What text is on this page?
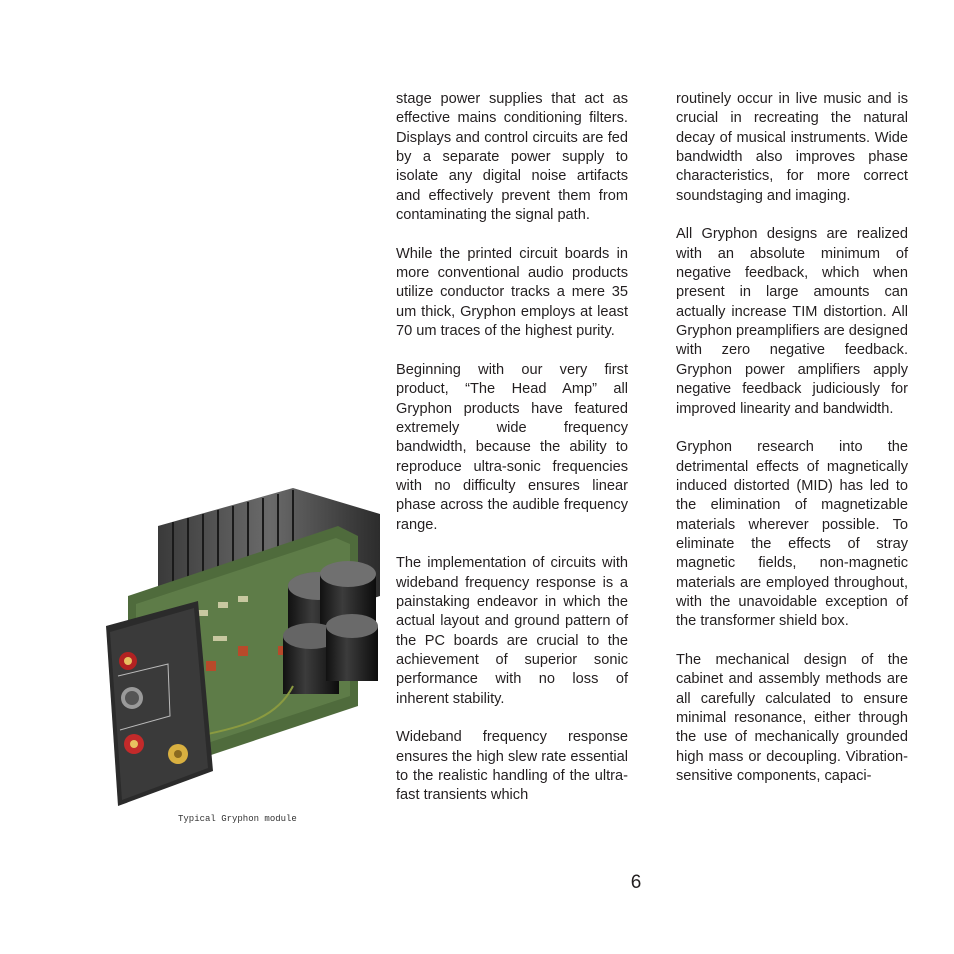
Typical Gryphon module

stage power supplies that act as effective mains conditioning filters. Displays and control circuits are fed by a separate power supply to isolate any digital noise artifacts and effectively prevent them from contaminating the signal path.

While the printed circuit boards in more conventional audio products utilize conductor tracks a mere 35 um thick, Gryphon employs at least 70 um traces of the highest purity.

Beginning with our very first product, “The Head Amp” all Gryphon products have featured extremely wide frequency bandwidth, because the ability to reproduce ultra-sonic frequencies with no difficulty ensures linear phase across the audible frequency range.

The implementation of circuits with wideband frequency response is a painstaking endeavor in which the actual layout and ground pattern of the PC boards are crucial to the achievement of superior sonic performance with no loss of inherent stability.

Wideband frequency response ensures the high slew rate essential to the realistic handling of the ultra-fast transients which

routinely occur in live music and is crucial in recreating the natural decay of musical instruments. Wide bandwidth also improves phase characteristics, for more correct soundstaging and imaging.

All Gryphon designs are realized with an absolute minimum of negative feedback, which when present in large amounts can actually increase TIM distortion. All Gryphon preamplifiers are designed with zero negative feedback. Gryphon power amplifiers apply negative feedback judiciously for improved linearity and bandwidth.

Gryphon research into the detrimental effects of magnetically induced distorted (MID) has led to the elimination of magnetizable materials wherever possible. To eliminate the effects of stray magnetic fields, non-magnetic materials are employed throughout, with the unavoidable exception of the transformer shield box.

The mechanical design of the cabinet and assembly methods are all carefully calculated to ensure minimal resonance, either through the use of mechanically grounded high mass or decoupling. Vibration-sensitive components, capaci-

6
